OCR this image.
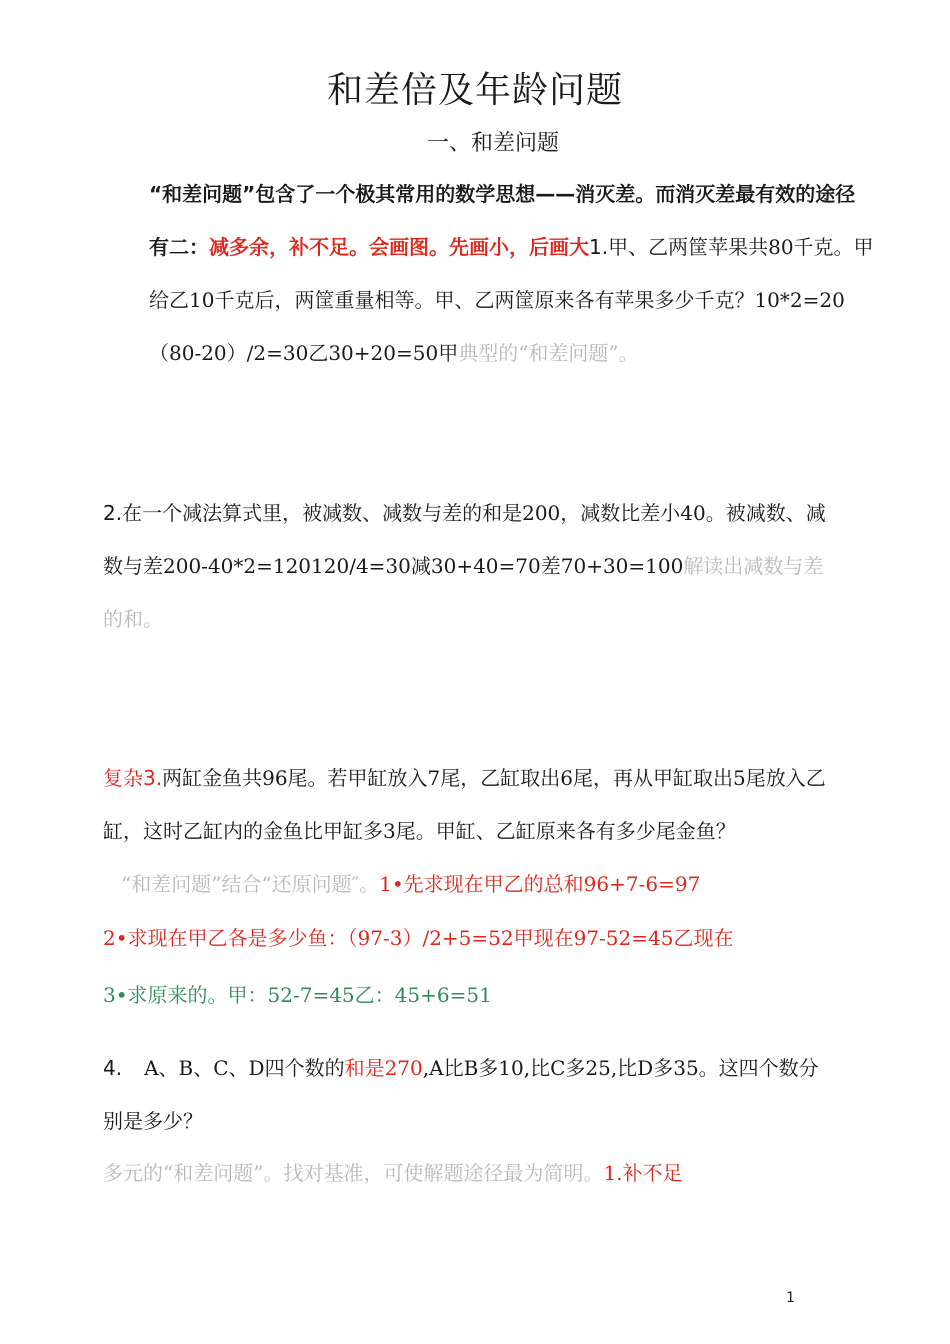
和差倍及年龄问题
一、和差问题
“和差问题”包含了一个极其常用的数学思想——消灭差。而消灭差最有效的途径有二：减多余，补不足。会画图。先画小，后画大1.甲、乙两筐苹果共80千克。甲给乙10千克后，两筐重量相等。甲、乙两筐原来各有苹果多少千克？10*2=20（80-20）/2=30乙30+20=50甲典型的“和差问题”。
2.在一个减法算式里，被减数、减数与差的和是200，减数比差小40。被减数、减数与差200-40*2=120120/4=30减30+40=70差70+30=100解读出减数与差的和。
复杂3.两缸金鱼共96尾。若甲缸放入7尾，乙缸取出6尾，再从甲缸取出5尾放入乙缸，这时乙缸内的金鱼比甲缸多3尾。甲缸、乙缸原来各有多少尾金鱼？
“和差问题”结合“还原问题″。1•先求现在甲乙的总和96+7-6=97
2•求现在甲乙各是多少鱼：（97-3）/2+5=52甲现在97-52=45乙现在
3•求原来的。甲：52-7=45乙：45+6=51
4. A、B、C、D四个数的和是270,A比B多10,比C多25,比D多35。这四个数分别是多少？
多元的“和差问题”。找对基准，可使解题途径最为简明。1.补不足
1
